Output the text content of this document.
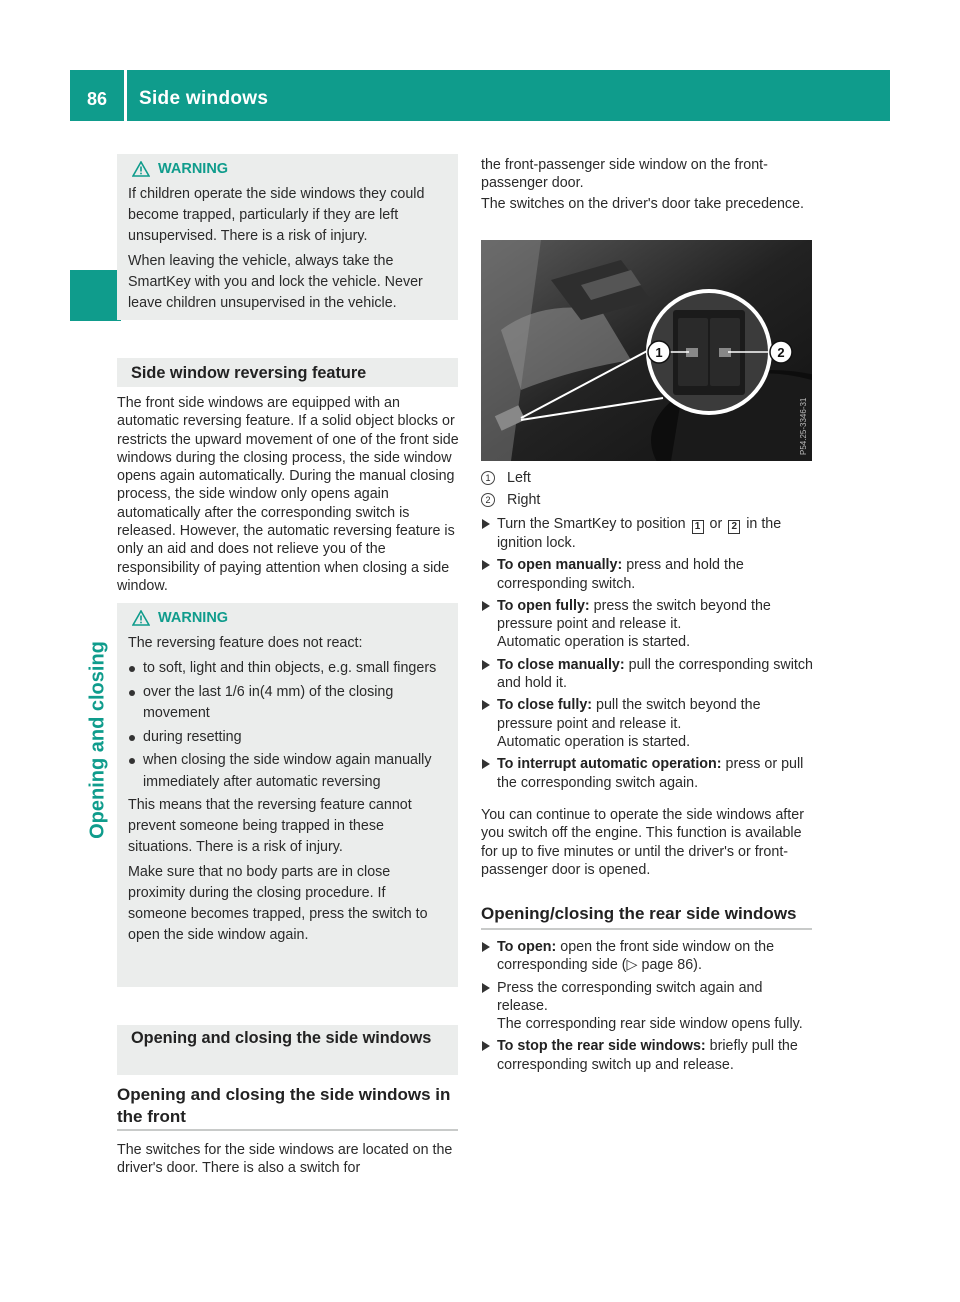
86	Side windows
Opening and closing
WARNING
If children operate the side windows they could become trapped, particularly if they are left unsupervised. There is a risk of injury.
When leaving the vehicle, always take the SmartKey with you and lock the vehicle. Never leave children unsupervised in the vehicle.
Side window reversing feature
The front side windows are equipped with an automatic reversing feature. If a solid object blocks or restricts the upward movement of one of the front side windows during the closing process, the side window opens again automatically. During the manual closing process, the side window only opens again automatically after the corresponding switch is released. However, the automatic reversing feature is only an aid and does not relieve you of the responsibility of paying attention when closing a side window.
WARNING
The reversing feature does not react:
to soft, light and thin objects, e.g. small fingers
over the last 1/6 in(4 mm) of the closing movement
during resetting
when closing the side window again manually immediately after automatic reversing
This means that the reversing feature cannot prevent someone being trapped in these situations. There is a risk of injury.
Make sure that no body parts are in close proximity during the closing procedure. If someone becomes trapped, press the switch to open the side window again.
Opening and closing the side windows
Opening and closing the side windows in the front
The switches for the side windows are located on the driver's door. There is also a switch for
the front-passenger side window on the front-passenger door.
The switches on the driver's door take precedence.
1	2
P54.25-3346-31
1	Left
2	Right
Turn the SmartKey to position 1 or 2 in the ignition lock.
To open manually: press and hold the corresponding switch.
To open fully: press the switch beyond the pressure point and release it.
Automatic operation is started.
To close manually: pull the corresponding switch and hold it.
To close fully: pull the switch beyond the pressure point and release it.
Automatic operation is started.
To interrupt automatic operation: press or pull the corresponding switch again.
You can continue to operate the side windows after you switch off the engine. This function is available for up to five minutes or until the driver's or front-passenger door is opened.
Opening/closing the rear side windows
To open: open the front side window on the corresponding side (▷ page 86).
Press the corresponding switch again and release.
The corresponding rear side window opens fully.
To stop the rear side windows: briefly pull the corresponding switch up and release.
